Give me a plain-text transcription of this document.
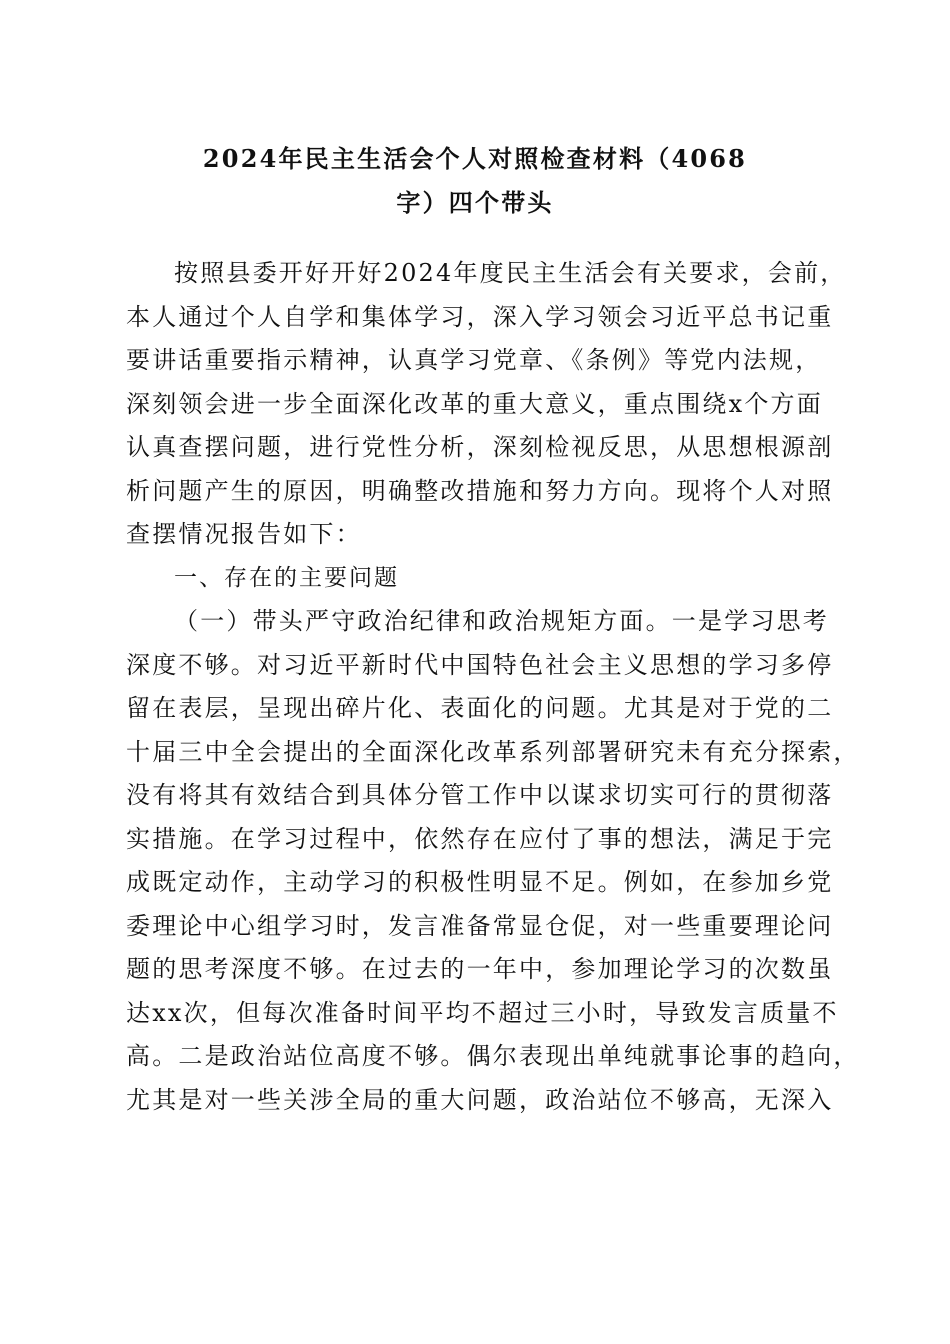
2024年民主生活会个人对照检查材料（4068
字）四个带头
按照县委开好开好2024年度民主生活会有关要求，会前，
本人通过个人自学和集体学习，深入学习领会习近平总书记重
要讲话重要指示精神，认真学习党章、《条例》等党内法规，
深刻领会进一步全面深化改革的重大意义，重点围绕x个方面
认真查摆问题，进行党性分析，深刻检视反思，从思想根源剖
析问题产生的原因，明确整改措施和努力方向。现将个人对照
查摆情况报告如下：
一、存在的主要问题
（一）带头严守政治纪律和政治规矩方面。一是学习思考
深度不够。对习近平新时代中国特色社会主义思想的学习多停
留在表层，呈现出碎片化、表面化的问题。尤其是对于党的二
十届三中全会提出的全面深化改革系列部署研究未有充分探索，
没有将其有效结合到具体分管工作中以谋求切实可行的贯彻落
实措施。在学习过程中，依然存在应付了事的想法，满足于完
成既定动作，主动学习的积极性明显不足。例如，在参加乡党
委理论中心组学习时，发言准备常显仓促，对一些重要理论问
题的思考深度不够。在过去的一年中，参加理论学习的次数虽
达xx次，但每次准备时间平均不超过三小时，导致发言质量不
高。二是政治站位高度不够。偶尔表现出单纯就事论事的趋向，
尤其是对一些关涉全局的重大问题，政治站位不够高，无深入
